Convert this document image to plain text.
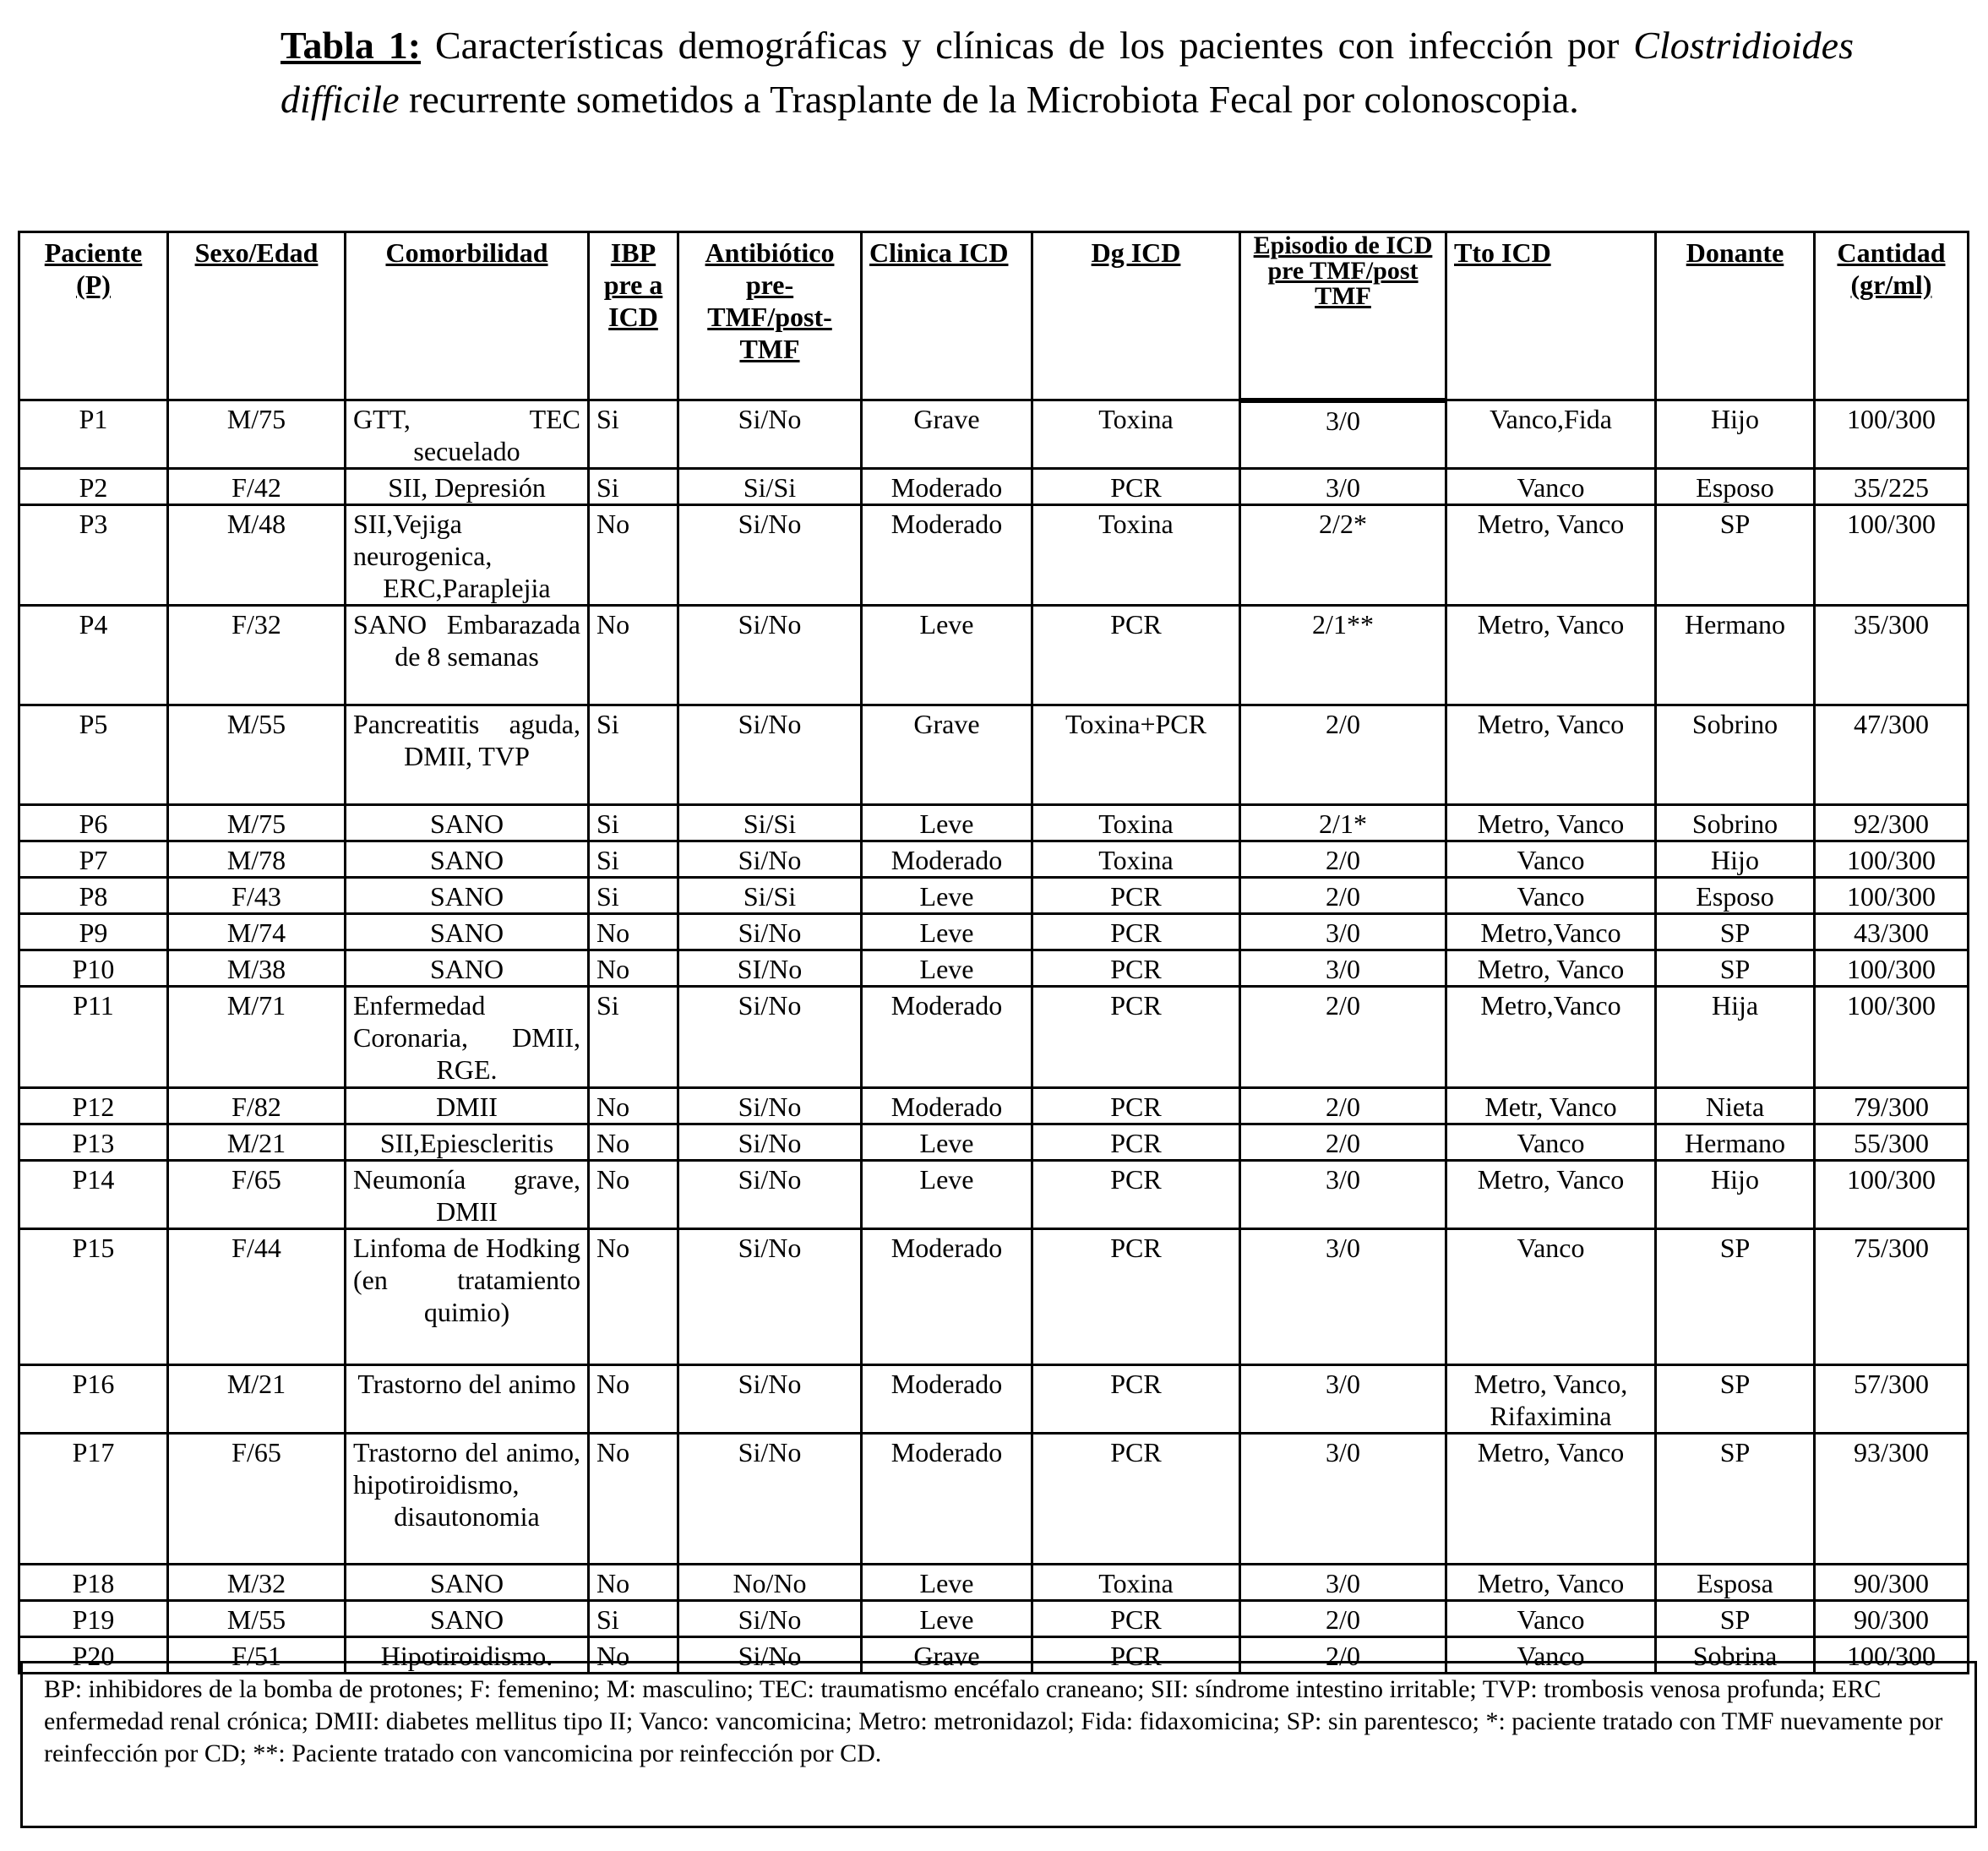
Tabla 1: Características demográficas y clínicas de los pacientes con infección por Clostridioides difficile recurrente sometidos a Trasplante de la Microbiota Fecal por colonoscopia.
Paciente (P)	Sexo/Edad	Comorbilidad	IBP pre a ICD	Antibiótico pre-TMF/post-TMF	Clinica ICD	Dg ICD	Episodio de ICD pre TMF/post TMF	Tto ICD	Donante	Cantidad (gr/ml)
P1	M/75	GTT, TEC secuelado	Si	Si/No	Grave	Toxina	3/0	Vanco,Fida	Hijo	100/300
P2	F/42	SII, Depresión	Si	Si/Si	Moderado	PCR	3/0	Vanco	Esposo	35/225
P3	M/48	SII,Vejiga neurogenica, ERC,Paraplejia	No	Si/No	Moderado	Toxina	2/2*	Metro, Vanco	SP	100/300
P4	F/32	SANO Embarazada de 8 semanas	No	Si/No	Leve	PCR	2/1**	Metro, Vanco	Hermano	35/300
P5	M/55	Pancreatitis aguda, DMII, TVP	Si	Si/No	Grave	Toxina+PCR	2/0	Metro, Vanco	Sobrino	47/300
P6	M/75	SANO	Si	Si/Si	Leve	Toxina	2/1*	Metro, Vanco	Sobrino	92/300
P7	M/78	SANO	Si	Si/No	Moderado	Toxina	2/0	Vanco	Hijo	100/300
P8	F/43	SANO	Si	Si/Si	Leve	PCR	2/0	Vanco	Esposo	100/300
P9	M/74	SANO	No	Si/No	Leve	PCR	3/0	Metro,Vanco	SP	43/300
P10	M/38	SANO	No	SI/No	Leve	PCR	3/0	Metro, Vanco	SP	100/300
P11	M/71	Enfermedad Coronaria, DMII, RGE.	Si	Si/No	Moderado	PCR	2/0	Metro,Vanco	Hija	100/300
P12	F/82	DMII	No	Si/No	Moderado	PCR	2/0	Metr, Vanco	Nieta	79/300
P13	M/21	SII,Epiescleritis	No	Si/No	Leve	PCR	2/0	Vanco	Hermano	55/300
P14	F/65	Neumonía grave, DMII	No	Si/No	Leve	PCR	3/0	Metro, Vanco	Hijo	100/300
P15	F/44	Linfoma de Hodking (en tratamiento quimio)	No	Si/No	Moderado	PCR	3/0	Vanco	SP	75/300
P16	M/21	Trastorno del animo	No	Si/No	Moderado	PCR	3/0	Metro, Vanco, Rifaximina	SP	57/300
P17	F/65	Trastorno del animo, hipotiroidismo, disautonomia	No	Si/No	Moderado	PCR	3/0	Metro, Vanco	SP	93/300
P18	M/32	SANO	No	No/No	Leve	Toxina	3/0	Metro, Vanco	Esposa	90/300
P19	M/55	SANO	Si	Si/No	Leve	PCR	2/0	Vanco	SP	90/300
P20	F/51	Hipotiroidismo.	No	Si/No	Grave	PCR	2/0	Vanco	Sobrina	100/300
BP: inhibidores de la bomba de protones; F: femenino; M: masculino; TEC: traumatismo encéfalo craneano; SII: síndrome intestino irritable; TVP: trombosis venosa profunda; ERC enfermedad renal crónica; DMII: diabetes mellitus tipo II; Vanco: vancomicina; Metro: metronidazol; Fida: fidaxomicina; SP: sin parentesco; *: paciente tratado con TMF nuevamente por reinfección por CD; **: Paciente tratado con vancomicina por reinfección por CD.
